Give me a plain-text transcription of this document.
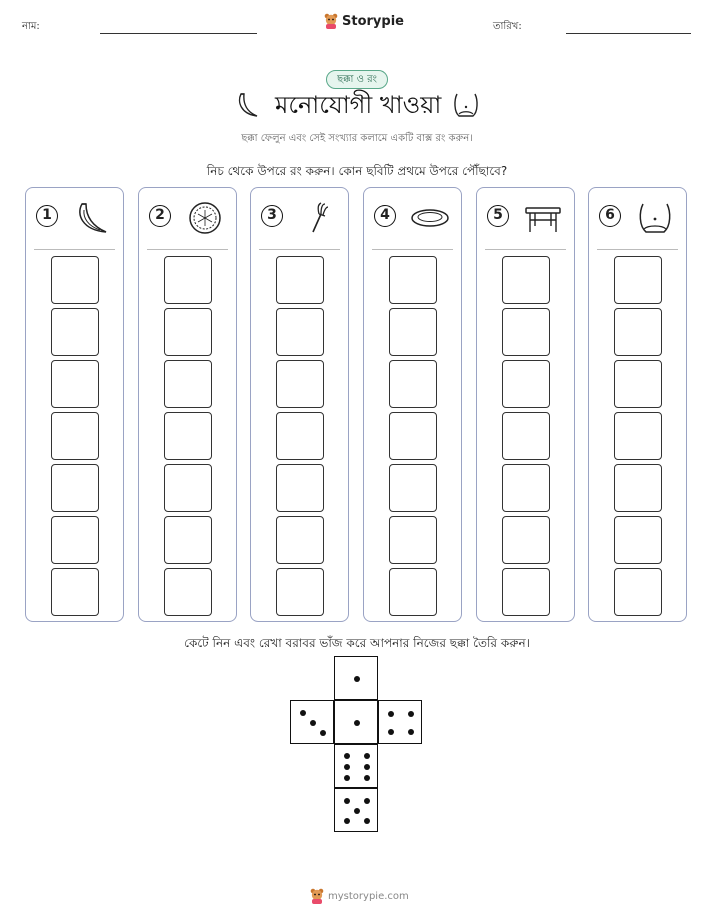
নাম:	Storypie	তারিখ:
ছক্কা ও রং
মনোযোগী খাওয়া
ছক্কা ফেলুন এবং সেই সংখ্যার কলামে একটি বাক্স রং করুন।
নিচ থেকে উপরে রং করুন। কোন ছবিটি প্রথমে উপরে পৌঁছাবে?
1	2	3	4	5	6
কেটে নিন এবং রেখা বরাবর ভাঁজ করে আপনার নিজের ছক্কা তৈরি করুন।
mystorypie.com
